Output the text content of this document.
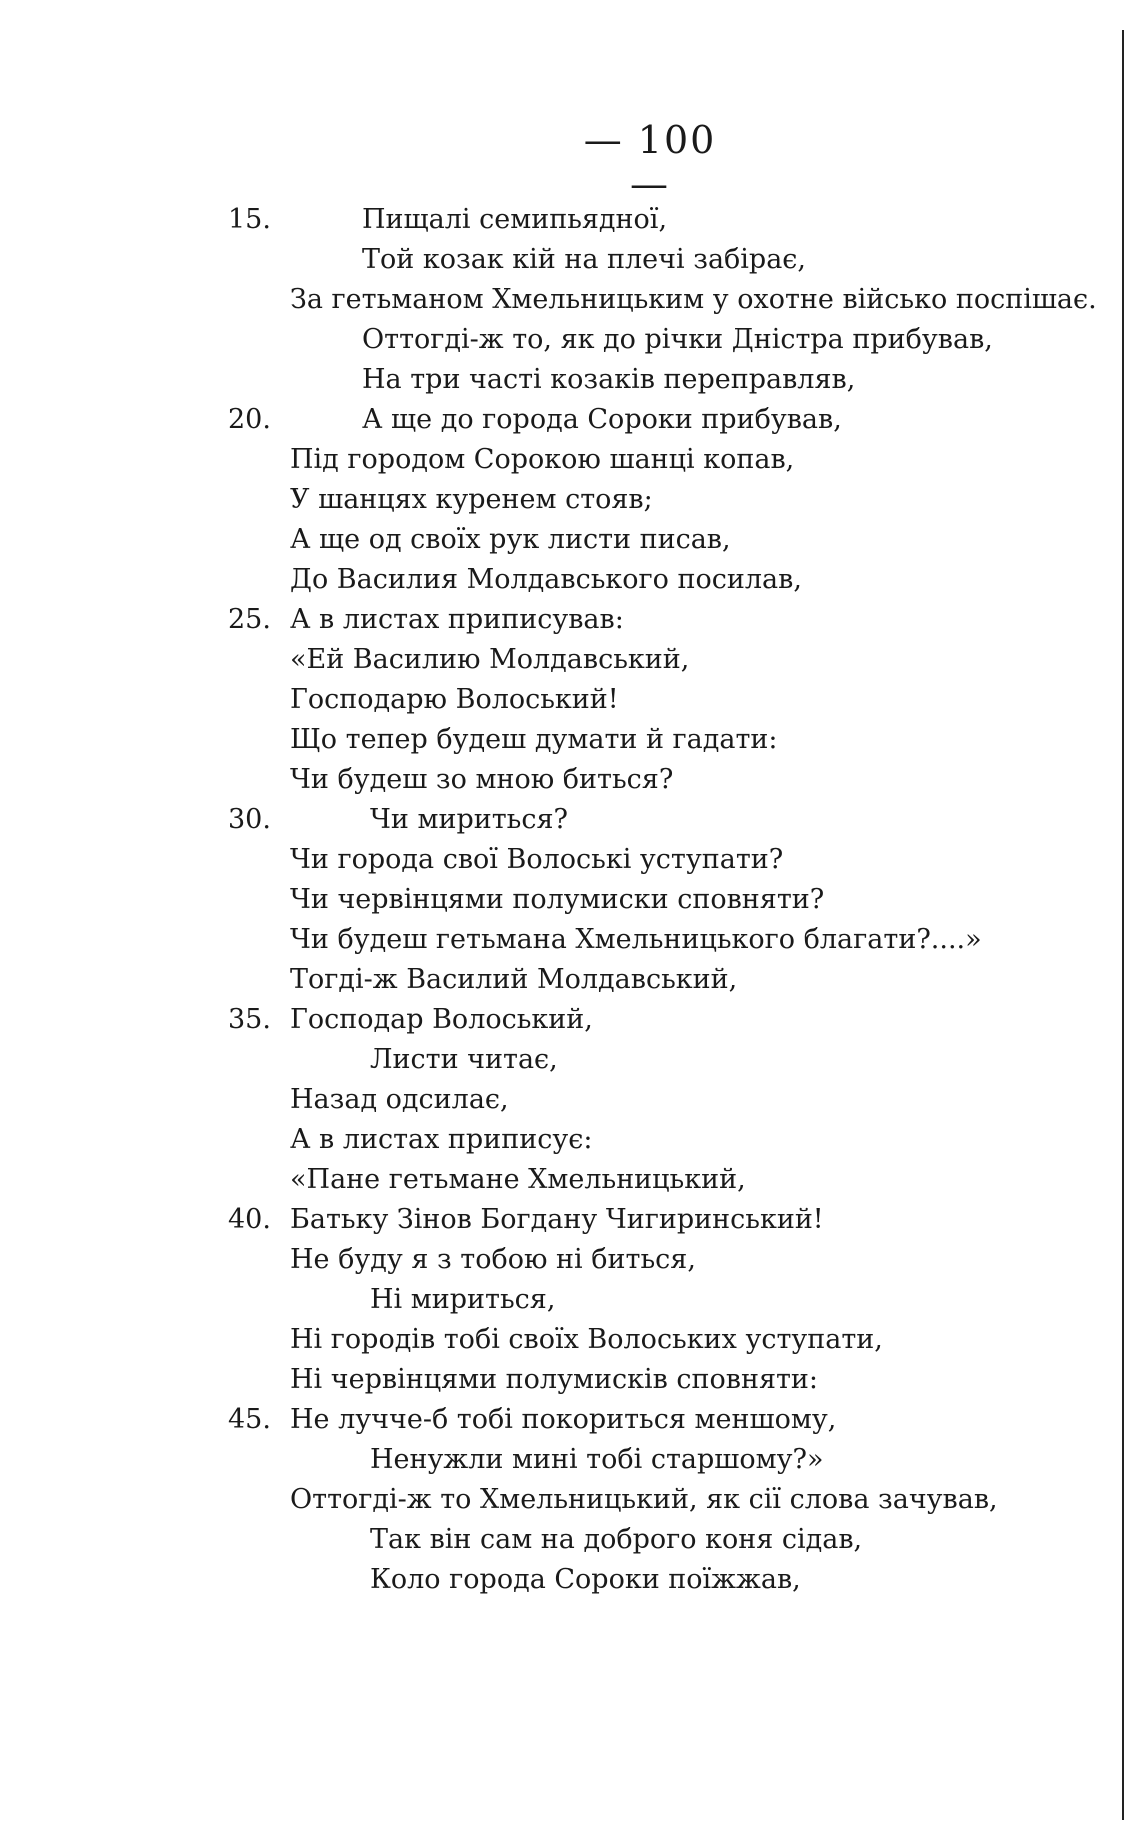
— 100 —
15.	Пищалі семипьядної,
Той козак кій на плечі забірає,
За гетьманом Хмельницьким у охотне військо поспішає.
Оттогді-ж то, як до річки Дністра прибував,
На три часті козаків переправляв,
20.	А ще до города Сороки прибував,
Під городом Сорокою шанці копав,
У шанцях куренем стояв;
А ще од своїх рук листи писав,
До Василия Молдавського посилав,
25. А в листах приписував:
«Ей Василию Молдавський,
Господарю Волоський!
Що тепер будеш думати й гадати:
Чи будеш зо мною биться?
30.	Чи мириться?
Чи города свої Волоські уступати?
Чи червінцями полумиски сповняти?
Чи будеш гетьмана Хмельницького благати?....»
Тогді-ж Василий Молдавський,
35. Господар Волоський,
Листи читає,
Назад одсилає,
А в листах приписує:
«Пане гетьмане Хмельницький,
40. Батьку Зінов Богдану Чигиринський!
Не буду я з тобою ні биться,
Ні мириться,
Ні городів тобі своїх Волоських уступати,
Ні червінцями полумисків сповняти:
45. Не лучче-б тобі покориться меншому,
Ненужли мині тобі старшому?»
Оттогді-ж то Хмельницький, як сії слова зачував,
Так він сам на доброго коня сідав,
Коло города Сороки поїжжав,
